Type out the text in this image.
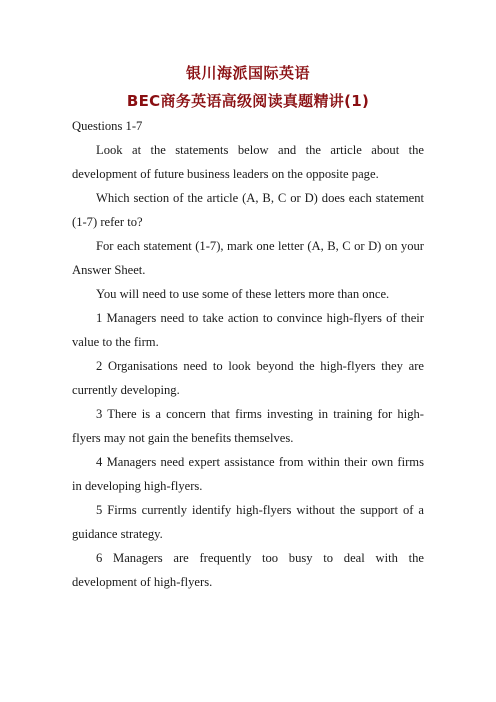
银川海派国际英语
BEC商务英语高级阅读真题精讲(1)
Questions 1-7
Look at the statements below and the article about the development of future business leaders on the opposite page.
Which section of the article (A, B, C or D) does each statement (1-7) refer to?
For each statement (1-7), mark one letter (A, B, C or D) on your Answer Sheet.
You will need to use some of these letters more than once.
1 Managers need to take action to convince high-flyers of their value to the firm.
2 Organisations need to look beyond the high-flyers they are currently developing.
3 There is a concern that firms investing in training for high-flyers may not gain the benefits themselves.
4 Managers need expert assistance from within their own firms in developing high-flyers.
5 Firms currently identify high-flyers without the support of a guidance strategy.
6 Managers are frequently too busy to deal with the development of high-flyers.
